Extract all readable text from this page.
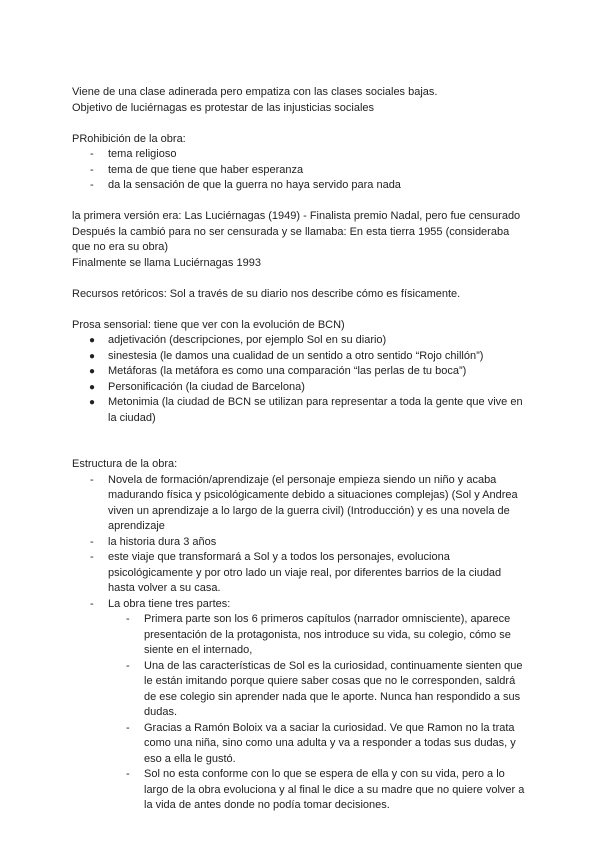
Viene de una clase adinerada pero empatiza con las clases sociales bajas.

Objetivo de luciérnagas es protestar de las injusticias sociales

PRohibición de la obra:

- tema religioso
- tema de que tiene que haber esperanza
- da la sensación de que la guerra no haya servido para nada

la primera versión era: Las Luciérnagas (1949) - Finalista premio Nadal, pero fue censurado

Después la cambió para no ser censurada y se llamaba: En esta tierra 1955 (consideraba que no era su obra)

Finalmente se llama Luciérnagas 1993

Recursos retóricos: Sol a través de su diario nos describe cómo es físicamente.

Prosa sensorial: tiene que ver con la evolución de BCN)

● adjetivación (descripciones, por ejemplo Sol en su diario)
● sinestesia (le damos una cualidad de un sentido a otro sentido “Rojo chillón”)
● Metáforas (la metáfora es como una comparación “las perlas de tu boca”)
● Personificación (la ciudad de Barcelona)
● Metonimia (la ciudad de BCN se utilizan para representar a toda la gente que vive en la ciudad)

Estructura de la obra:

- Novela de formación/aprendizaje (el personaje empieza siendo un niño y acaba madurando física y psicológicamente debido a situaciones complejas) (Sol y Andrea viven un aprendizaje a lo largo de la guerra civil) (Introducción) y es una novela de aprendizaje
- la historia dura 3 años
- este viaje que transformará a Sol y a todos los personajes, evoluciona psicológicamente y por otro lado un viaje real, por diferentes barrios de la ciudad hasta volver a su casa.
- La obra tiene tres partes:
- Primera parte son los 6 primeros capítulos (narrador omnisciente), aparece presentación de la protagonista, nos introduce su vida, su colegio, cómo se siente en el internado,
- Una de las características de Sol es la curiosidad, continuamente sienten que le están imitando porque quiere saber cosas que no le corresponden, saldrá de ese colegio sin aprender nada que le aporte. Nunca han respondido a sus dudas.
- Gracias a Ramón Boloix va a saciar la curiosidad. Ve que Ramon no la trata como una niña, sino como una adulta y va a responder a todas sus dudas, y eso a ella le gustó.
- Sol no esta conforme con lo que se espera de ella y con su vida, pero a lo largo de la obra evoluciona y al final le dice a su madre que no quiere volver a la vida de antes donde no podía tomar decisiones.
